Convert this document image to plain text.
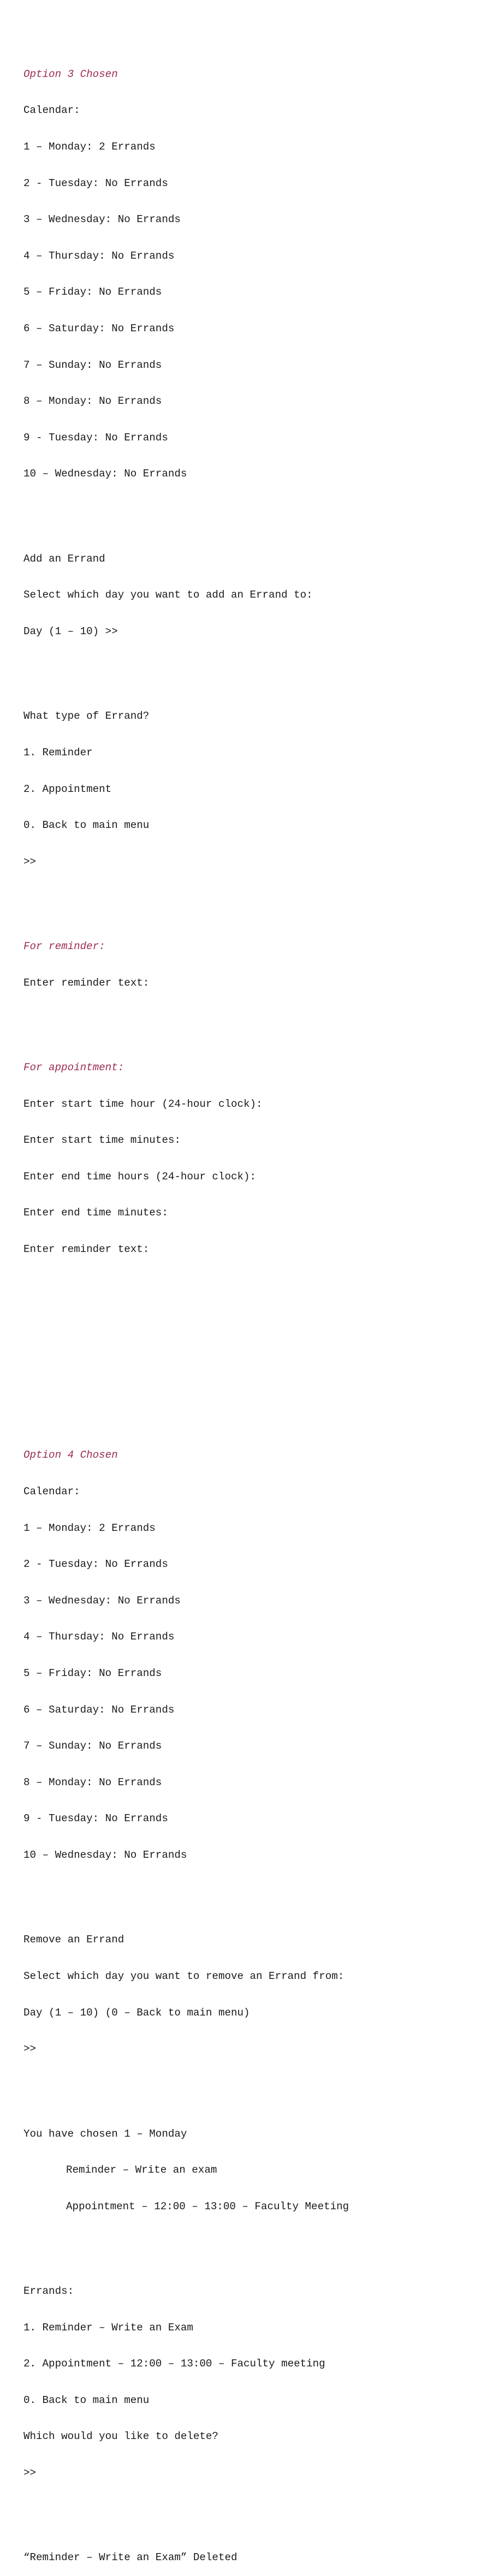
Option 3 Chosen

Calendar:

1 – Monday: 2 Errands

2 - Tuesday: No Errands

3 – Wednesday: No Errands

4 – Thursday: No Errands

5 – Friday: No Errands

6 – Saturday: No Errands

7 – Sunday: No Errands

8 – Monday: No Errands

9 - Tuesday: No Errands

10 – Wednesday: No Errands

Add an Errand

Select which day you want to add an Errand to:

Day (1 – 10) >>

What type of Errand?

1. Reminder

2. Appointment

0. Back to main menu

>>

For reminder:

Enter reminder text:

For appointment:

Enter start time hour (24-hour clock):

Enter start time minutes:

Enter end time hours (24-hour clock):

Enter end time minutes:

Enter reminder text:

Option 4 Chosen

Calendar:

1 – Monday: 2 Errands

2 - Tuesday: No Errands

3 – Wednesday: No Errands

4 – Thursday: No Errands

5 – Friday: No Errands

6 – Saturday: No Errands

7 – Sunday: No Errands

8 – Monday: No Errands

9 - Tuesday: No Errands

10 – Wednesday: No Errands

Remove an Errand

Select which day you want to remove an Errand from:

Day (1 – 10) (0 – Back to main menu)

>>

You have chosen 1 – Monday

Reminder – Write an exam

Appointment – 12:00 – 13:00 – Faculty Meeting

Errands:

1. Reminder – Write an Exam

2. Appointment – 12:00 – 13:00 – Faculty meeting

0. Back to main menu

Which would you like to delete?

>>

“Reminder – Write an Exam” Deleted
